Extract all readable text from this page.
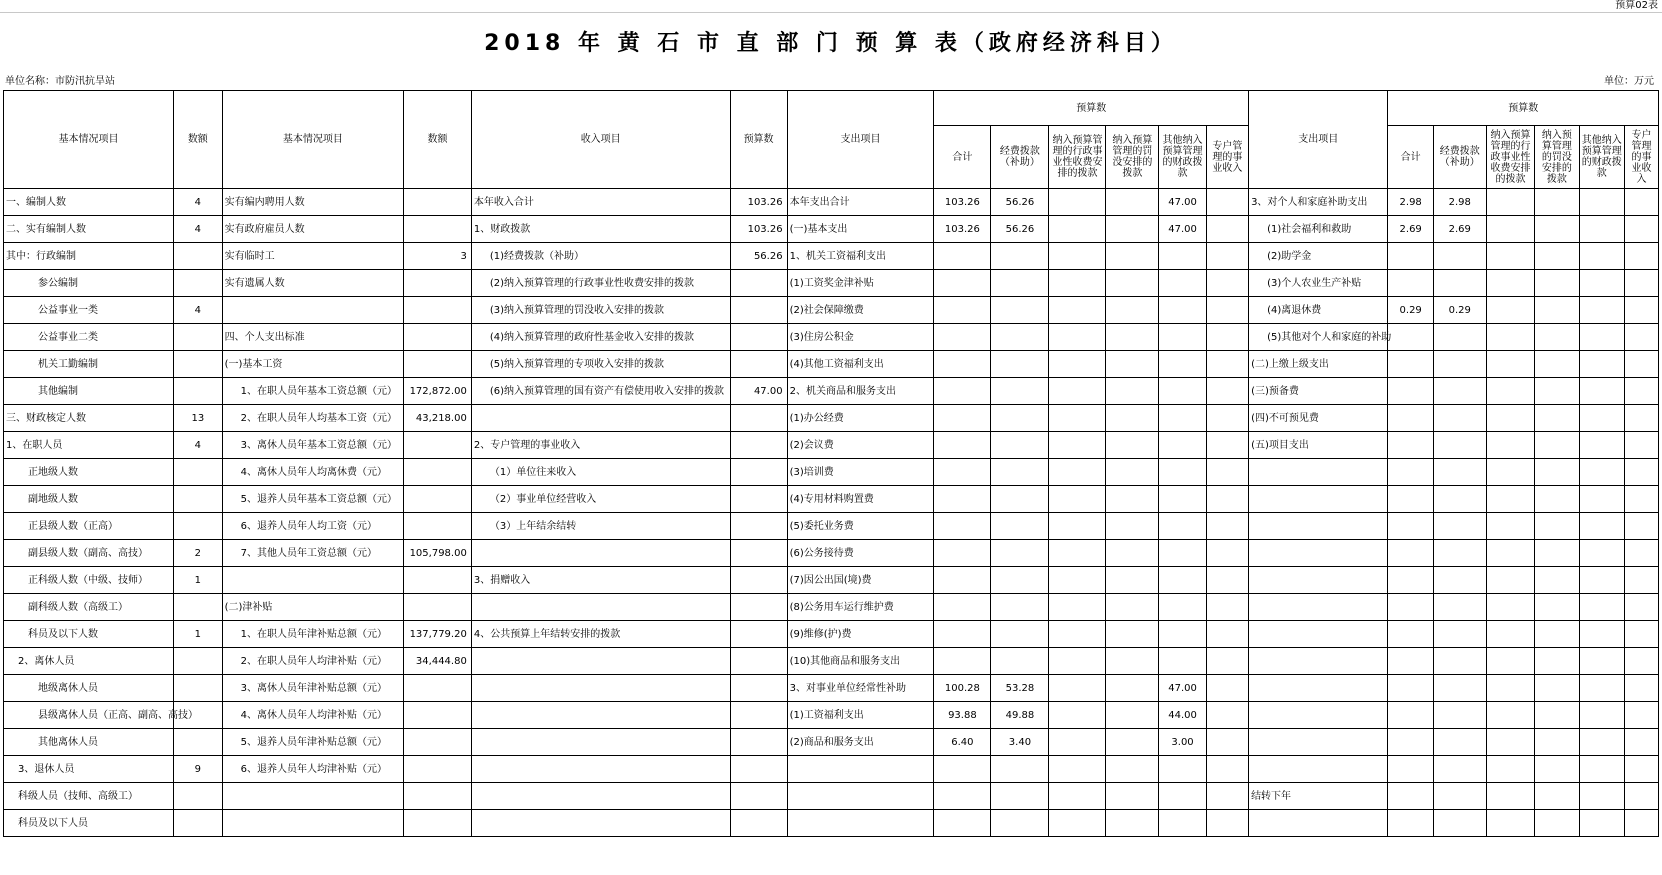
预算02表
2018 年 黄 石 市 直 部 门 预 算 表（政府经济科目）
单位名称：市防汛抗旱站	单位：万元
基本情况项目	数额	基本情况项目	数额	收入项目	预算数	支出项目	预算数						支出项目	预算数					
							合计	经费拨款（补助）	纳入预算管理的行政事业性收费安排的拨款	纳入预算管理的罚没安排的拨款	其他纳入预算管理的财政拨款	专户管理的事业收入		合计	经费拨款（补助）	纳入预算管理的行政事业性收费安排的拨款	纳入预算管理的罚没安排的拨款	其他纳入预算管理的财政拨款	专户管理的事业收入
一、编制人数	4	实有编内聘用人数		本年收入合计	103.26	本年支出合计	103.26	56.26			47.00		3、对个人和家庭补助支出	2.98	2.98				
二、实有编制人数	4	实有政府雇员人数		1、财政拨款	103.26	(一)基本支出	103.26	56.26			47.00		(1)社会福利和救助	2.69	2.69				
其中：行政编制		实有临时工	3	(1)经费拨款（补助）	56.26	1、机关工资福利支出							(2)助学金						
参公编制		实有遗属人数		(2)纳入预算管理的行政事业性收费安排的拨款		(1)工资奖金津补贴							(3)个人农业生产补贴						
公益事业一类	4			(3)纳入预算管理的罚没收入安排的拨款		(2)社会保障缴费							(4)离退休费	0.29	0.29				
公益事业二类		四、个人支出标准		(4)纳入预算管理的政府性基金收入安排的拨款		(3)住房公积金							(5)其他对个人和家庭的补助						
机关工勤编制		(一)基本工资		(5)纳入预算管理的专项收入安排的拨款		(4)其他工资福利支出							(二)上缴上级支出						
其他编制		1、在职人员年基本工资总额（元）	172,872.00	(6)纳入预算管理的国有资产有偿使用收入安排的拨款	47.00	2、机关商品和服务支出							(三)预备费						
三、财政核定人数	13	2、在职人员年人均基本工资（元）	43,218.00			(1)办公经费							(四)不可预见费						
1、在职人员	4	3、离休人员年基本工资总额（元）		2、专户管理的事业收入		(2)会议费							(五)项目支出						
正地级人数		4、离休人员年人均离休费（元）		（1）单位往来收入		(3)培训费													
副地级人数		5、退养人员年基本工资总额（元）		（2）事业单位经营收入		(4)专用材料购置费													
正县级人数（正高）		6、退养人员年人均工资（元）		（3）上年结余结转		(5)委托业务费													
副县级人数（副高、高技）	2	7、其他人员年工资总额（元）	105,798.00			(6)公务接待费													
正科级人数（中级、技师）	1			3、捐赠收入		(7)因公出国(境)费													
副科级人数（高级工）		(二)津补贴				(8)公务用车运行维护费													
科员及以下人数	1	1、在职人员年津补贴总额（元）	137,779.20	4、公共预算上年结转安排的拨款		(9)维修(护)费													
2、离休人员		2、在职人员年人均津补贴（元）	34,444.80			(10)其他商品和服务支出													
地级离休人员		3、离休人员年津补贴总额（元）				3、对事业单位经常性补助	100.28	53.28			47.00								
县级离休人员（正高、副高、高技）		4、离休人员年人均津补贴（元）				(1)工资福利支出	93.88	49.88			44.00								
其他离休人员		5、退养人员年津补贴总额（元）				(2)商品和服务支出	6.40	3.40			3.00								
3、退休人员	9	6、退养人员年人均津补贴（元）																	
科级人员（技师、高级工）													结转下年						
科员及以下人员																			
